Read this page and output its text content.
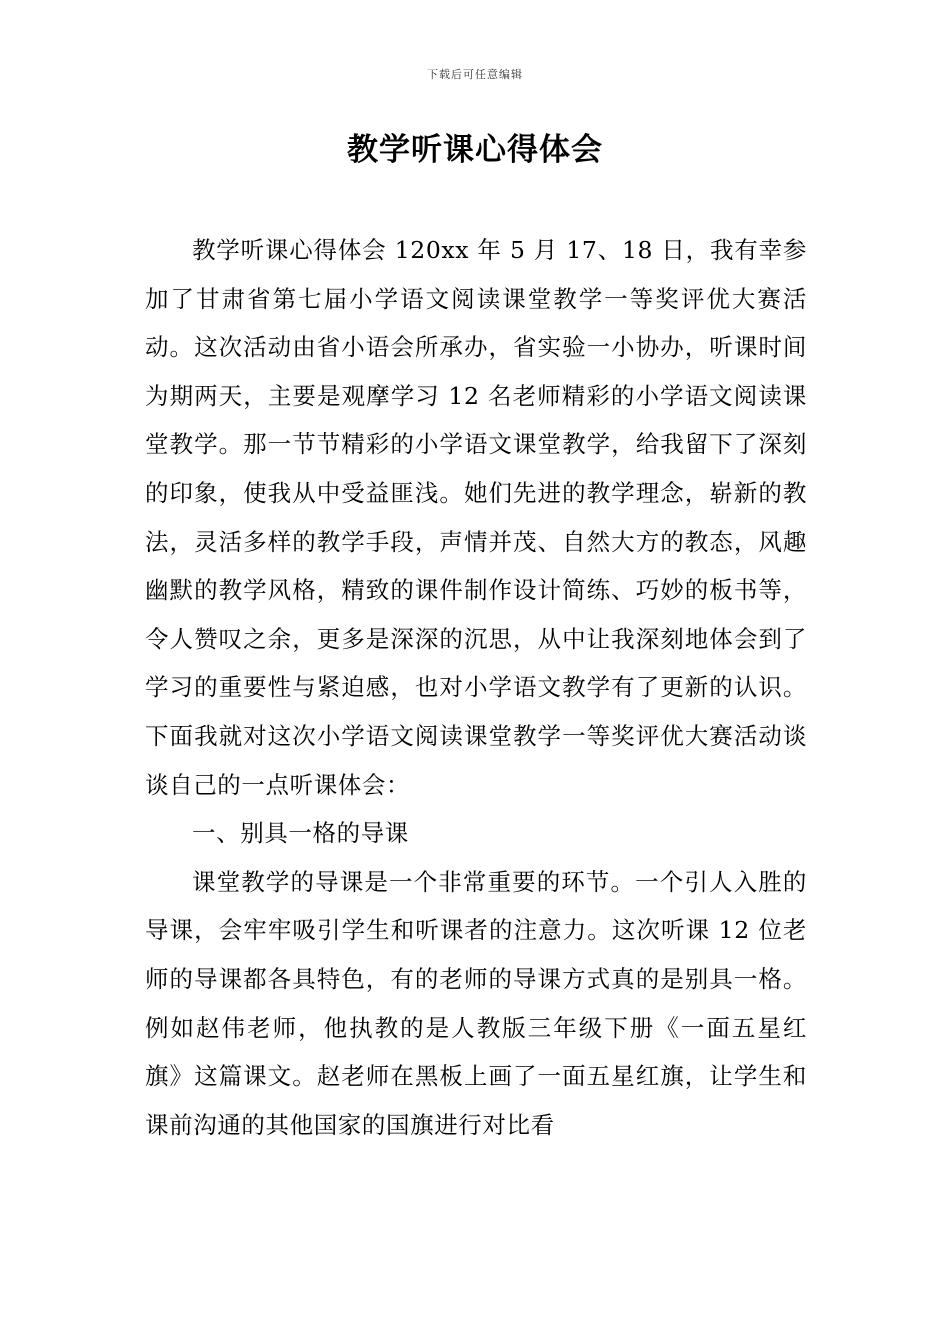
下载后可任意编辑
教学听课心得体会

教学听课心得体会 120xx 年 5 月 17、18 日，我有幸参加了甘肃省第七届小学语文阅读课堂教学一等奖评优大赛活动。这次活动由省小语会所承办，省实验一小协办，听课时间为期两天，主要是观摩学习 12 名老师精彩的小学语文阅读课堂教学。那一节节精彩的小学语文课堂教学，给我留下了深刻的印象，使我从中受益匪浅。她们先进的教学理念，崭新的教法，灵活多样的教学手段，声情并茂、自然大方的教态，风趣幽默的教学风格，精致的课件制作设计简练、巧妙的板书等，令人赞叹之余，更多是深深的沉思，从中让我深刻地体会到了学习的重要性与紧迫感，也对小学语文教学有了更新的认识。下面我就对这次小学语文阅读课堂教学一等奖评优大赛活动谈谈自己的一点听课体会：

一、别具一格的导课

课堂教学的导课是一个非常重要的环节。一个引人入胜的导课，会牢牢吸引学生和听课者的注意力。这次听课 12 位老师的导课都各具特色，有的老师的导课方式真的是别具一格。例如赵伟老师，他执教的是人教版三年级下册《一面五星红旗》这篇课文。赵老师在黑板上画了一面五星红旗，让学生和课前沟通的其他国家的国旗进行对比看
